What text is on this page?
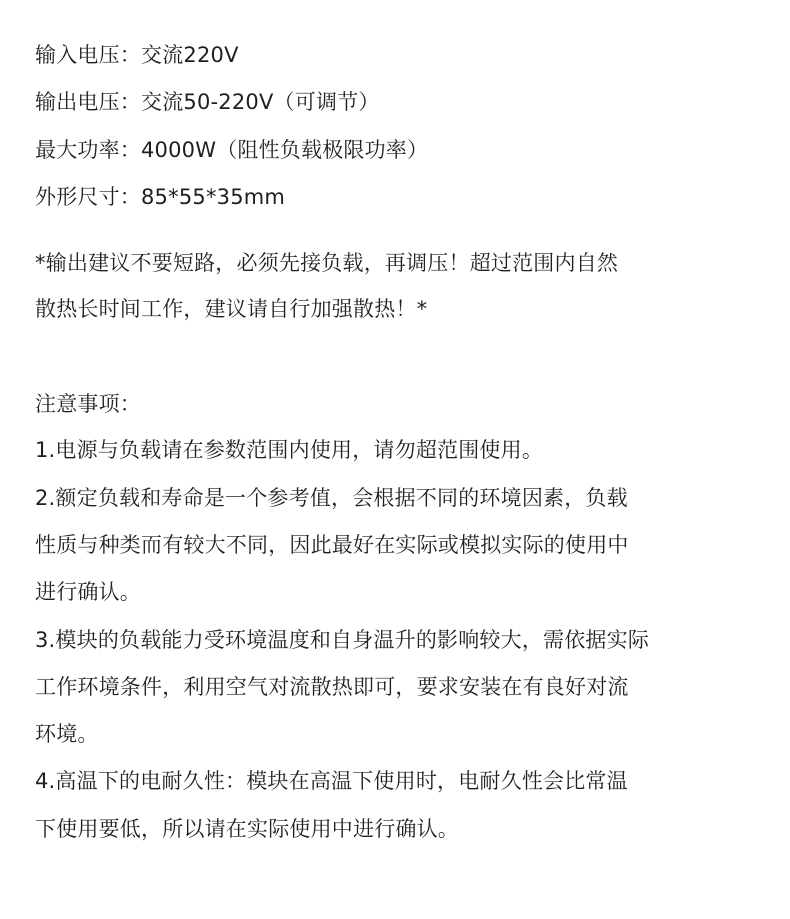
输入电压：交流220V
输出电压：交流50-220V（可调节）
最大功率：4000W（阻性负载极限功率）
外形尺寸：85*55*35mm
*输出建议不要短路，必须先接负载，再调压！超过范围内自然
散热长时间工作，建议请自行加强散热！*
注意事项：
1.电源与负载请在参数范围内使用，请勿超范围使用。
2.额定负载和寿命是一个参考值，会根据不同的环境因素，负载
性质与种类而有较大不同，因此最好在实际或模拟实际的使用中
进行确认。
3.模块的负载能力受环境温度和自身温升的影响较大，需依据实际
工作环境条件，利用空气对流散热即可，要求安装在有良好对流
环境。
4.高温下的电耐久性：模块在高温下使用时，电耐久性会比常温
下使用要低，所以请在实际使用中进行确认。
